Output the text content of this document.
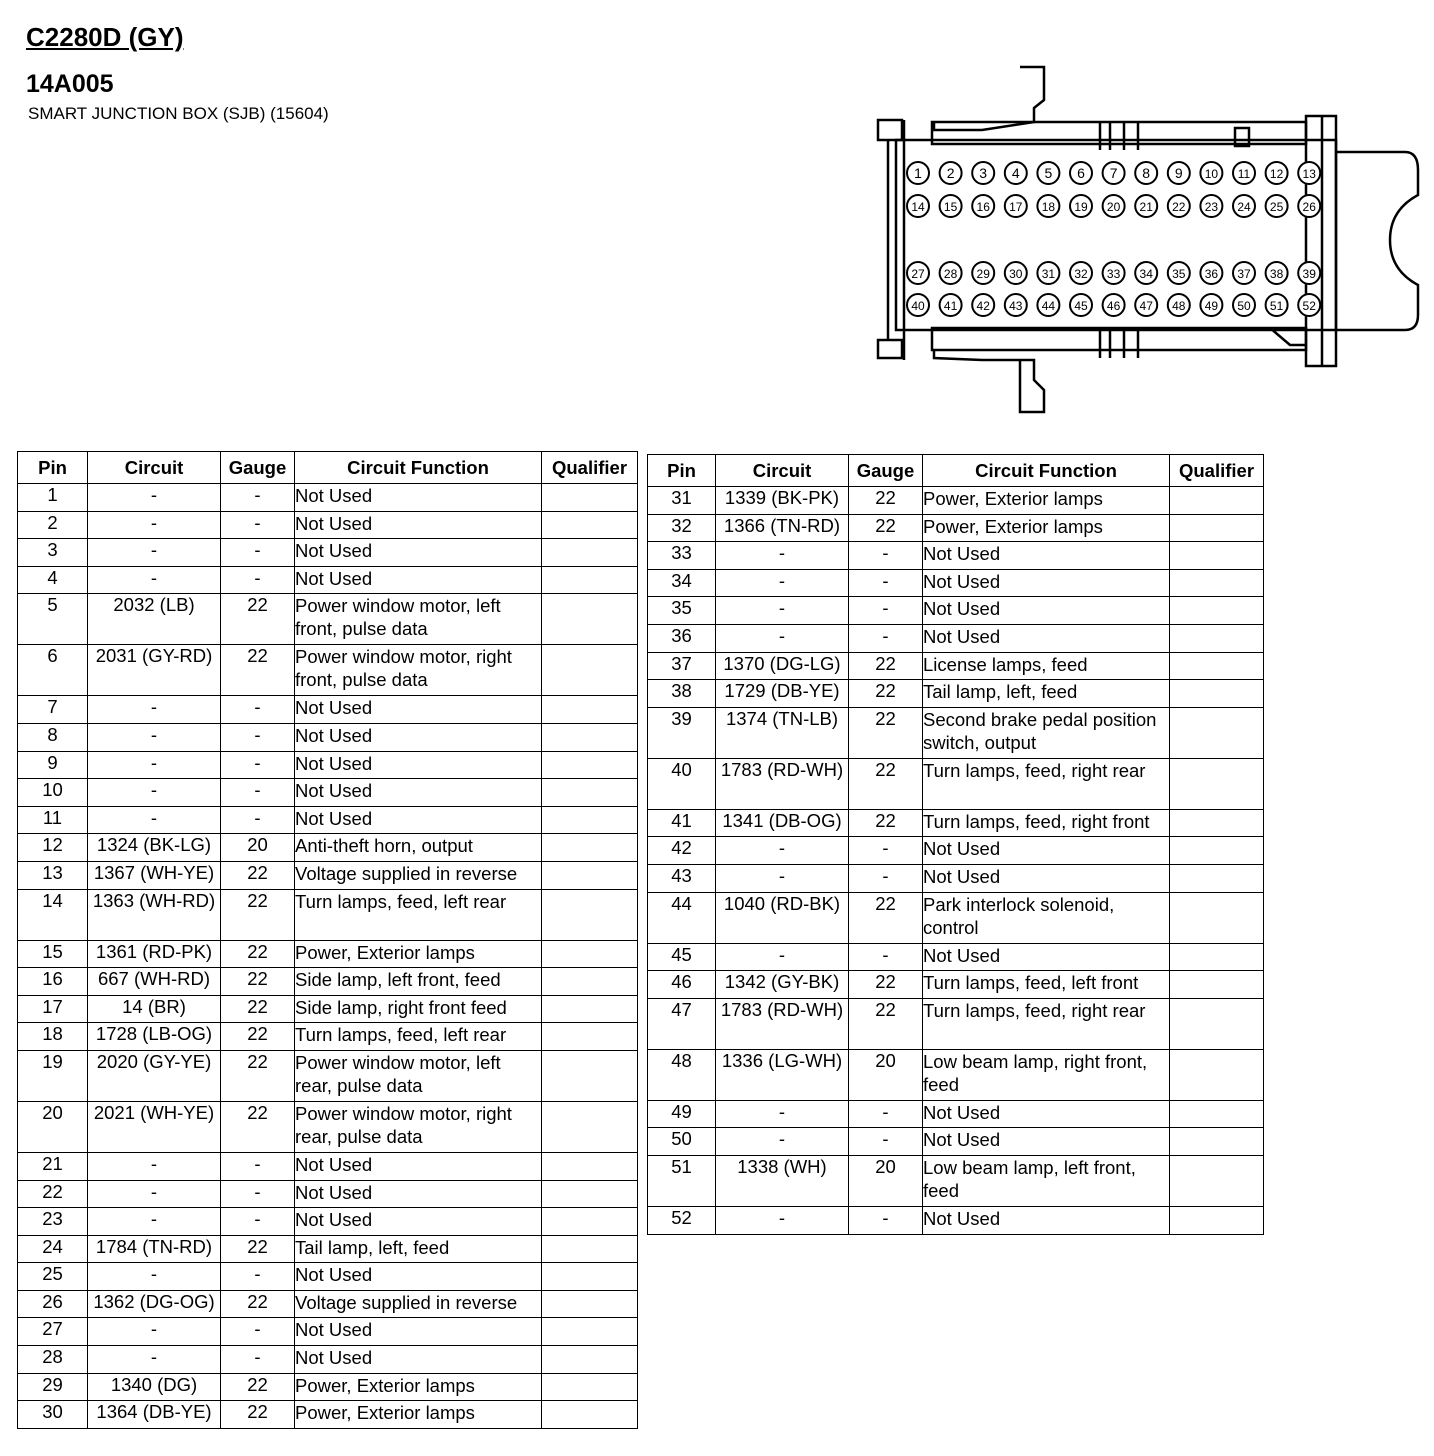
C2280D (GY)
14A005
SMART JUNCTION BOX (SJB) (15604)
1 2 3 4 5 6 7 8 9 10 11 12 13
14 15 16 17 18 19 20 21 22 23 24 25 26
27 28 29 30 31 32 33 34 35 36 37 38 39
40 41 42 43 44 45 46 47 48 49 50 51 52
Pin	Circuit	Gauge	Circuit Function	Qualifier
1	-	-	Not Used	
2	-	-	Not Used	
3	-	-	Not Used	
4	-	-	Not Used	
5	2032 (LB)	22	Power window motor, left front, pulse data	
6	2031 (GY-RD)	22	Power window motor, right front, pulse data	
7	-	-	Not Used	
8	-	-	Not Used	
9	-	-	Not Used	
10	-	-	Not Used	
11	-	-	Not Used	
12	1324 (BK-LG)	20	Anti-theft horn, output	
13	1367 (WH-YE)	22	Voltage supplied in reverse	
14	1363 (WH-RD)	22	Turn lamps, feed, left rear	
15	1361 (RD-PK)	22	Power, Exterior lamps	
16	667 (WH-RD)	22	Side lamp, left front, feed	
17	14 (BR)	22	Side lamp, right front feed	
18	1728 (LB-OG)	22	Turn lamps, feed, left rear	
19	2020 (GY-YE)	22	Power window motor, left rear, pulse data	
20	2021 (WH-YE)	22	Power window motor, right rear, pulse data	
21	-	-	Not Used	
22	-	-	Not Used	
23	-	-	Not Used	
24	1784 (TN-RD)	22	Tail lamp, left, feed	
25	-	-	Not Used	
26	1362 (DG-OG)	22	Voltage supplied in reverse	
27	-	-	Not Used	
28	-	-	Not Used	
29	1340 (DG)	22	Power, Exterior lamps	
30	1364 (DB-YE)	22	Power, Exterior lamps	
Pin	Circuit	Gauge	Circuit Function	Qualifier
31	1339 (BK-PK)	22	Power, Exterior lamps	
32	1366 (TN-RD)	22	Power, Exterior lamps	
33	-	-	Not Used	
34	-	-	Not Used	
35	-	-	Not Used	
36	-	-	Not Used	
37	1370 (DG-LG)	22	License lamps, feed	
38	1729 (DB-YE)	22	Tail lamp, left, feed	
39	1374 (TN-LB)	22	Second brake pedal position switch, output	
40	1783 (RD-WH)	22	Turn lamps, feed, right rear	
41	1341 (DB-OG)	22	Turn lamps, feed, right front	
42	-	-	Not Used	
43	-	-	Not Used	
44	1040 (RD-BK)	22	Park interlock solenoid, control	
45	-	-	Not Used	
46	1342 (GY-BK)	22	Turn lamps, feed, left front	
47	1783 (RD-WH)	22	Turn lamps, feed, right rear	
48	1336 (LG-WH)	20	Low beam lamp, right front, feed	
49	-	-	Not Used	
50	-	-	Not Used	
51	1338 (WH)	20	Low beam lamp, left front, feed	
52	-	-	Not Used	
